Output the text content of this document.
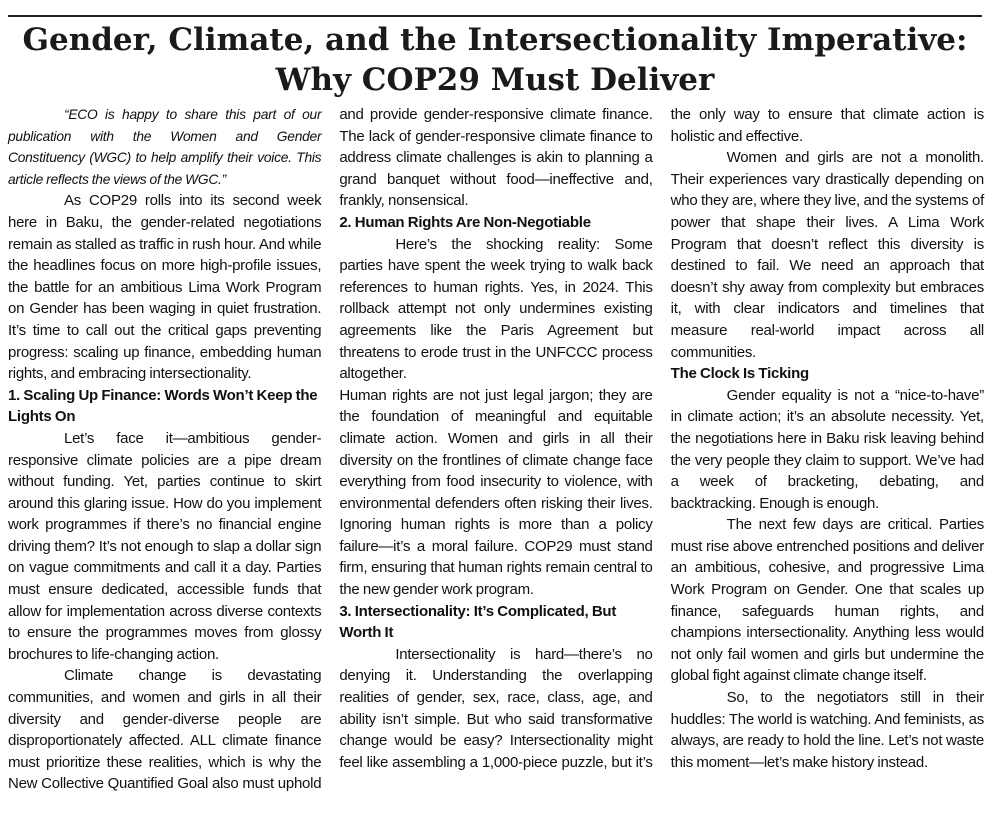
Gender, Climate, and the Intersectionality Imperative:
Why COP29 Must Deliver

“ECO is happy to share this part of our publication with the Women and Gender Constituency (WGC) to help amplify their voice. This article reflects the views of the WGC.”

As COP29 rolls into its second week here in Baku, the gender-related negotiations remain as stalled as traffic in rush hour. And while the headlines focus on more high-profile issues, the battle for an ambitious Lima Work Program on Gender has been waging in quiet frustration. It’s time to call out the critical gaps preventing progress: scaling up finance, embedding human rights, and embracing intersectionality.

1. Scaling Up Finance: Words Won’t Keep the Lights On

Let’s face it—ambitious gender-responsive climate policies are a pipe dream without funding. Yet, parties continue to skirt around this glaring issue. How do you implement work programmes if there’s no financial engine driving them? It’s not enough to slap a dollar sign on vague commitments and call it a day. Parties must ensure dedicated, accessible funds that allow for implementation across diverse contexts to ensure the programmes moves from glossy brochures to life-changing action.

Climate change is devastating communities, and women and girls in all their diversity and gender-diverse people are disproportionately affected. ALL climate finance must prioritize these realities, which is why the New Collective Quantified Goal also must uphold and provide gender-responsive climate finance. The lack of gender-responsive climate finance to address climate challenges is akin to planning a grand banquet without food—ineffective and, frankly, nonsensical.

2. Human Rights Are Non-Negotiable

Here’s the shocking reality: Some parties have spent the week trying to walk back references to human rights. Yes, in 2024. This rollback attempt not only undermines existing agreements like the Paris Agreement but threatens to erode trust in the UNFCCC process altogether.

Human rights are not just legal jargon; they are the foundation of meaningful and equitable climate action. Women and girls in all their diversity on the frontlines of climate change face everything from food insecurity to violence, with environmental defenders often risking their lives. Ignoring human rights is more than a policy failure—it’s a moral failure. COP29 must stand firm, ensuring that human rights remain central to the new gender work program.

3. Intersectionality: It’s Complicated, But Worth It

Intersectionality is hard—there’s no denying it. Understanding the overlapping realities of gender, sex, race, class, age, and ability isn’t simple. But who said transformative change would be easy? Intersectionality might feel like assembling a 1,000-piece puzzle, but it’s the only way to ensure that climate action is holistic and effective.

Women and girls are not a monolith. Their experiences vary drastically depending on who they are, where they live, and the systems of power that shape their lives. A Lima Work Program that doesn’t reflect this diversity is destined to fail. We need an approach that doesn’t shy away from complexity but embraces it, with clear indicators and timelines that measure real-world impact across all communities.

The Clock Is Ticking

Gender equality is not a “nice-to-have” in climate action; it’s an absolute necessity. Yet, the negotiations here in Baku risk leaving behind the very people they claim to support. We’ve had a week of bracketing, debating, and backtracking. Enough is enough.

The next few days are critical. Parties must rise above entrenched positions and deliver an ambitious, cohesive, and progressive Lima Work Program on Gender. One that scales up finance, safeguards human rights, and champions intersectionality. Anything less would not only fail women and girls but undermine the global fight against climate change itself.

So, to the negotiators still in their huddles: The world is watching. And feminists, as always, are ready to hold the line. Let’s not waste this moment—let’s make history instead.
